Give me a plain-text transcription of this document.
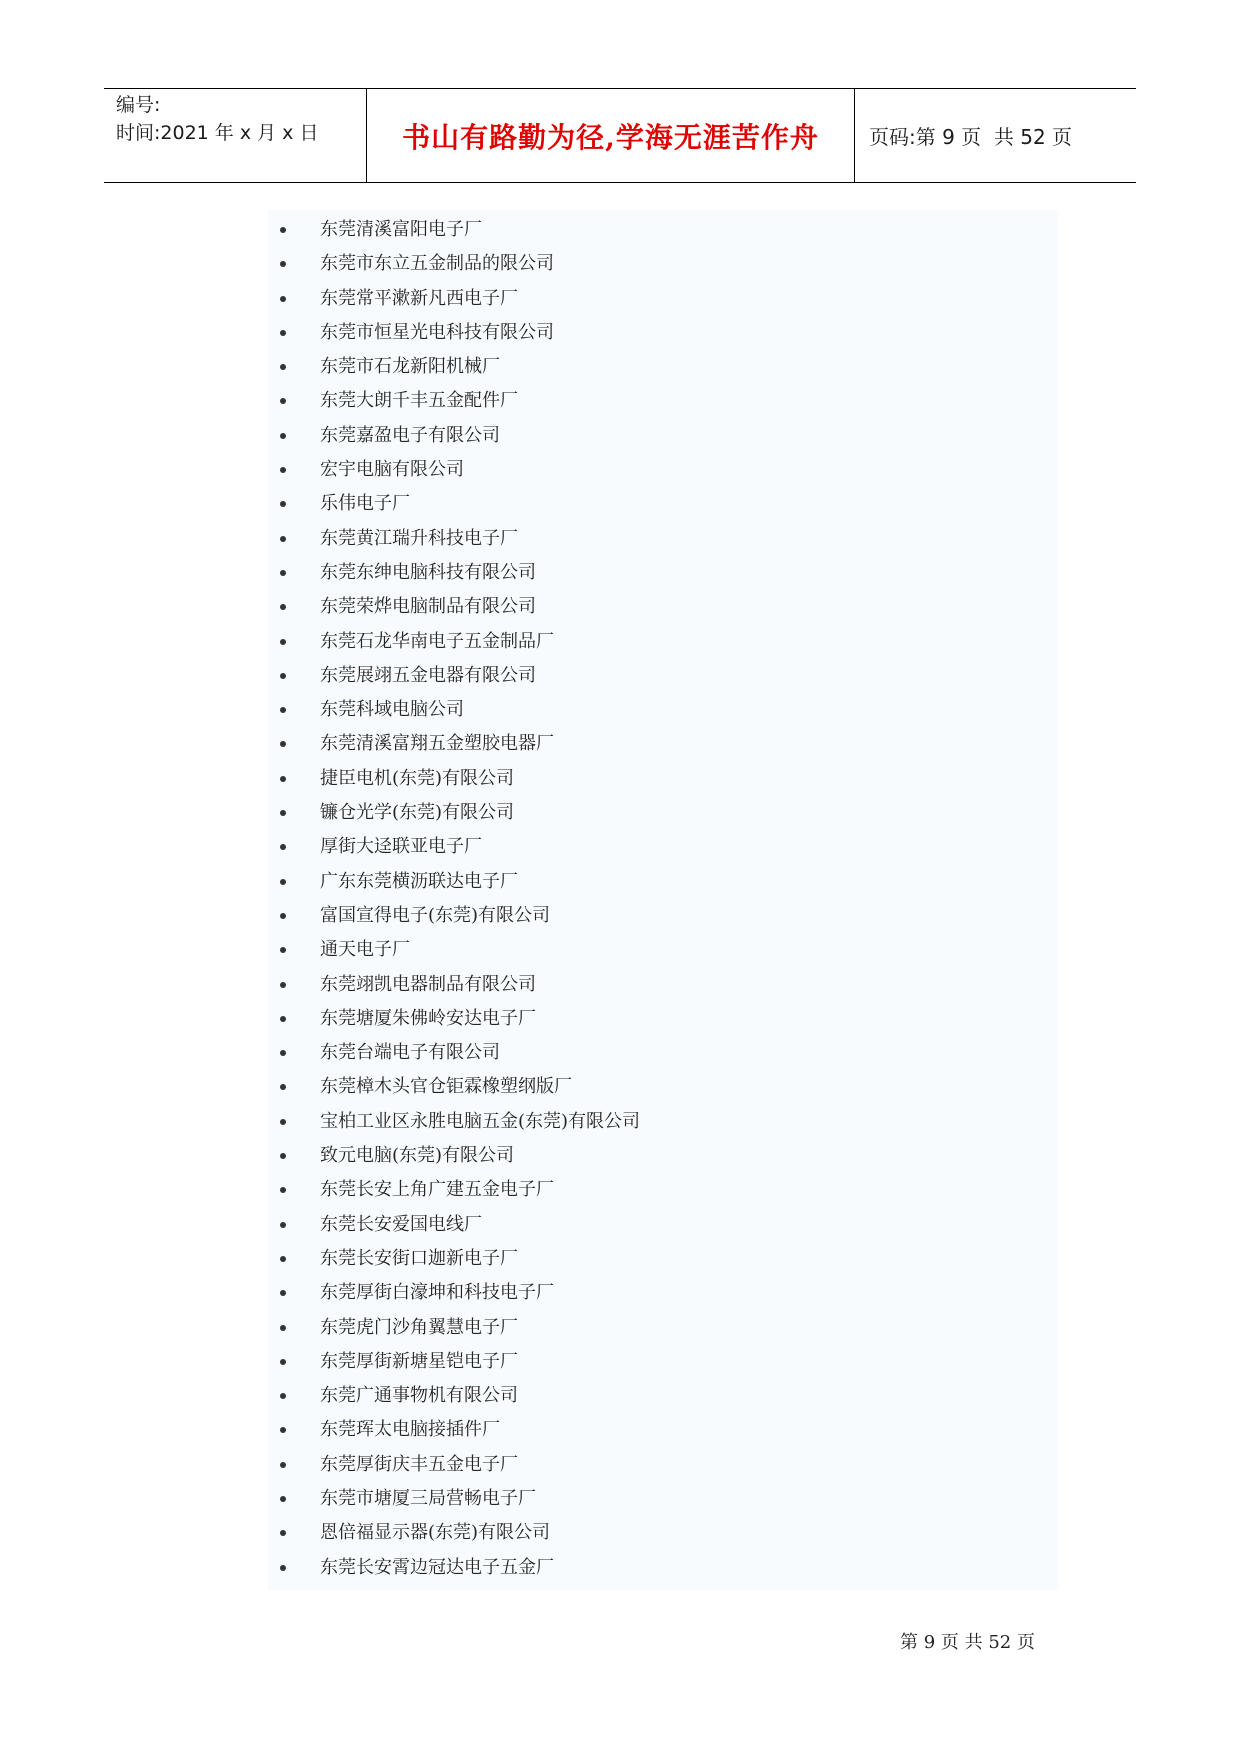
编号:
时间:2021 年 x 月 x 日	书山有路勤为径,学海无涯苦作舟	页码:第 9 页  共 52 页
东莞清溪富阳电子厂
东莞市东立五金制品的限公司
东莞常平漱新凡西电子厂
东莞市恒星光电科技有限公司
东莞市石龙新阳机械厂
东莞大朗千丰五金配件厂
东莞嘉盈电子有限公司
宏宇电脑有限公司
乐伟电子厂
东莞黄江瑞升科技电子厂
东莞东绅电脑科技有限公司
东莞荣烨电脑制品有限公司
东莞石龙华南电子五金制品厂
东莞展翊五金电器有限公司
东莞科域电脑公司
东莞清溪富翔五金塑胶电器厂
捷臣电机(东莞)有限公司
镰仓光学(东莞)有限公司
厚街大迳联亚电子厂
广东东莞横沥联达电子厂
富国宣得电子(东莞)有限公司
通天电子厂
东莞翊凯电器制品有限公司
东莞塘厦朱佛岭安达电子厂
东莞台端电子有限公司
东莞樟木头官仓钜霖橡塑纲版厂
宝柏工业区永胜电脑五金(东莞)有限公司
致元电脑(东莞)有限公司
东莞长安上角广建五金电子厂
东莞长安爱国电线厂
东莞长安街口迦新电子厂
东莞厚街白濠坤和科技电子厂
东莞虎门沙角翼慧电子厂
东莞厚街新塘星铠电子厂
东莞广通事物机有限公司
东莞珲太电脑接插件厂
东莞厚街庆丰五金电子厂
东莞市塘厦三局营畅电子厂
恩倍福显示器(东莞)有限公司
东莞长安霄边冠达电子五金厂
第 9 页 共 52 页
